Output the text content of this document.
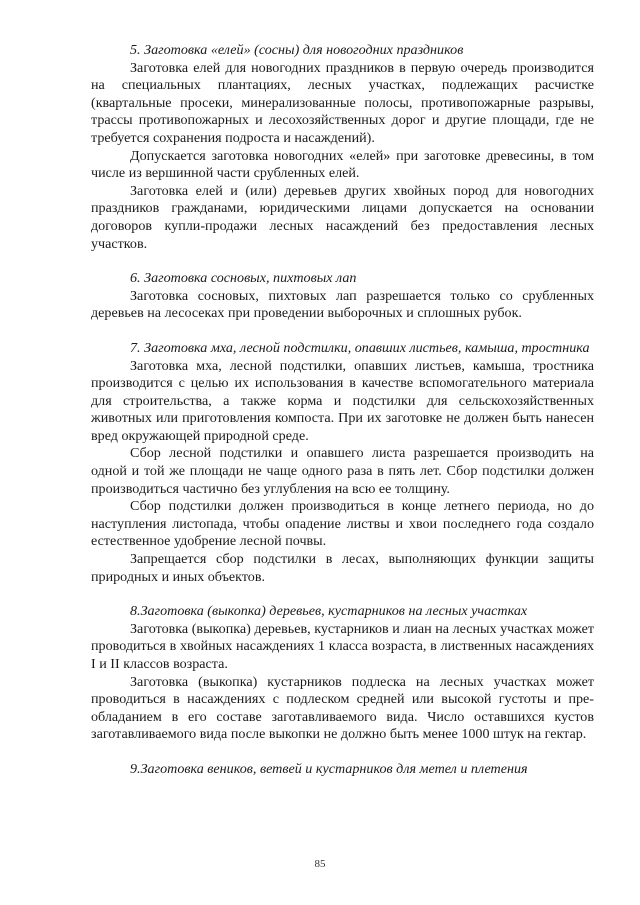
5. Заготовка «елей» (сосны) для новогодних праздников

Заготовка елей для новогодних праздников в первую очередь производится на специальных плантациях, лесных участках, подлежащих расчистке (квартальные просеки, минерализованные полосы, противопожарные разрывы, трассы противопожарных и лесохозяйственных дорог и другие площади, где не требуется сохранения подроста и насаждений).

Допускается заготовка новогодних «елей» при заготовке древесины, в том числе из вершинной части срубленных елей.

Заготовка елей и (или) деревьев других хвойных пород для новогодних праздников гражданами, юридическими лицами допускается на основании договоров купли-продажи лесных насаждений без предоставления лесных участков.

6. Заготовка сосновых, пихтовых лап

Заготовка сосновых, пихтовых лап разрешается только со срубленных деревьев на лесосеках при проведении выборочных и сплошных рубок.

7. Заготовка мха, лесной подстилки, опавших листьев, камыша, тростника

Заготовка мха, лесной подстилки, опавших листьев, камыша, тростника производится с целью их использования в качестве вспомогательного материала для строительства, а также корма и подстилки для сельскохозяйственных животных или приготовления компоста. При их заготовке не должен быть нанесен вред окружающей природной среде.

Сбор лесной подстилки и опавшего листа разрешается производить на одной и той же площади не чаще одного раза в пять лет. Сбор подстилки должен производиться частично без углубления на всю ее толщину.

Сбор подстилки должен производиться в конце летнего периода, но до наступления листопада, чтобы опадение листвы и хвои последнего года создало естественное удобрение лесной почвы.

Запрещается сбор подстилки в лесах, выполняющих функции защиты природных и иных объектов.

8.Заготовка (выкопка) деревьев, кустарников на лесных участках

Заготовка (выкопка) деревьев, кустарников и лиан на лесных участках может проводиться в хвойных насаждениях 1 класса возраста, в лиственных насаждениях I и II классов возраста.

Заготовка (выкопка) кустарников подлеска на лесных участках может проводиться в насаждениях с подлеском средней или высокой густоты и преобладанием в его составе заготавливаемого вида. Число оставшихся кустов заготавливаемого вида после выкопки не должно быть менее 1000 штук на гектар.

9.Заготовка веников, ветвей и кустарников для метел и плетения

85
